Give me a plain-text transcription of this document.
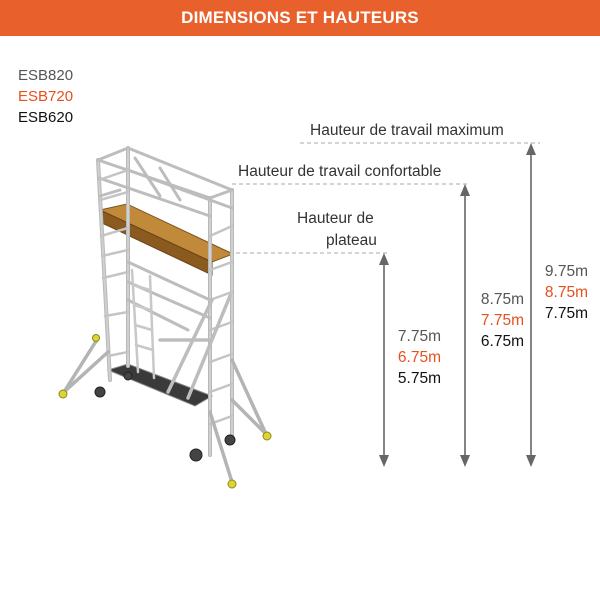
DIMENSIONS ET HAUTEURS
ESB820
ESB720
ESB620
Hauteur de travail maximum
Hauteur de travail confortable
Hauteur de
plateau
7.75m
6.75m
5.75m
8.75m
7.75m
6.75m
9.75m
8.75m
7.75m
